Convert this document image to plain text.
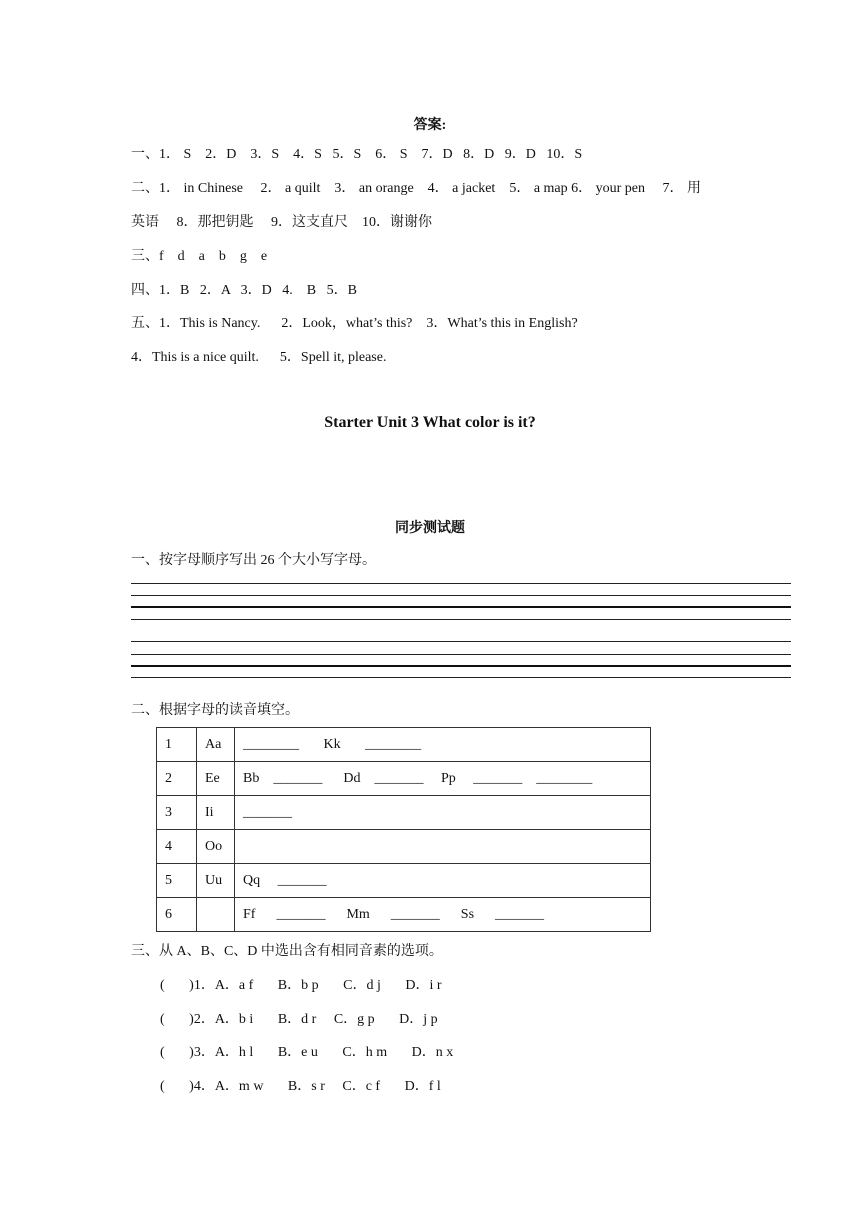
答案:
一、1． S    2．D    3．S    4．S   5．S    6． S    7．D   8．D   9．D   10．S
二、1． in Chinese     2． a quilt    3． an orange    4． a jacket    5． a map 6． your pen     7． 用
英语     8．那把钥匙     9．这支直尺    10．谢谢你
三、f    d    a    b    g    e
四、1．B   2．A   3．D   4.    B   5．B
五、1．This is Nancy.      2．Look，what’s this?    3．What’s this in English?
4．This is a nice quilt.      5．Spell it, please.
Starter Unit 3 What color is it?
同步测试题
一、按字母顺序写出 26 个大小写字母。
二、根据字母的读音填空。
1	Aa	________       Kk       ________
2	Ee	Bb    _______      Dd    _______     Pp     _______    ________
3	Ii	_______
4	Oo	
5	Uu	Qq     _______
6		Ff      _______      Mm      _______      Ss      _______
三、从 A、B、C、D 中选出含有相同音素的选项。
(       )1．A．a f       B．b p       C．d j       D．i r
(       )2．A．b i       B．d r     C．g p       D．j p
(       )3．A．h l       B．e u       C．h m       D．n x
(       )4．A．m w       B．s r     C．c f       D．f l
